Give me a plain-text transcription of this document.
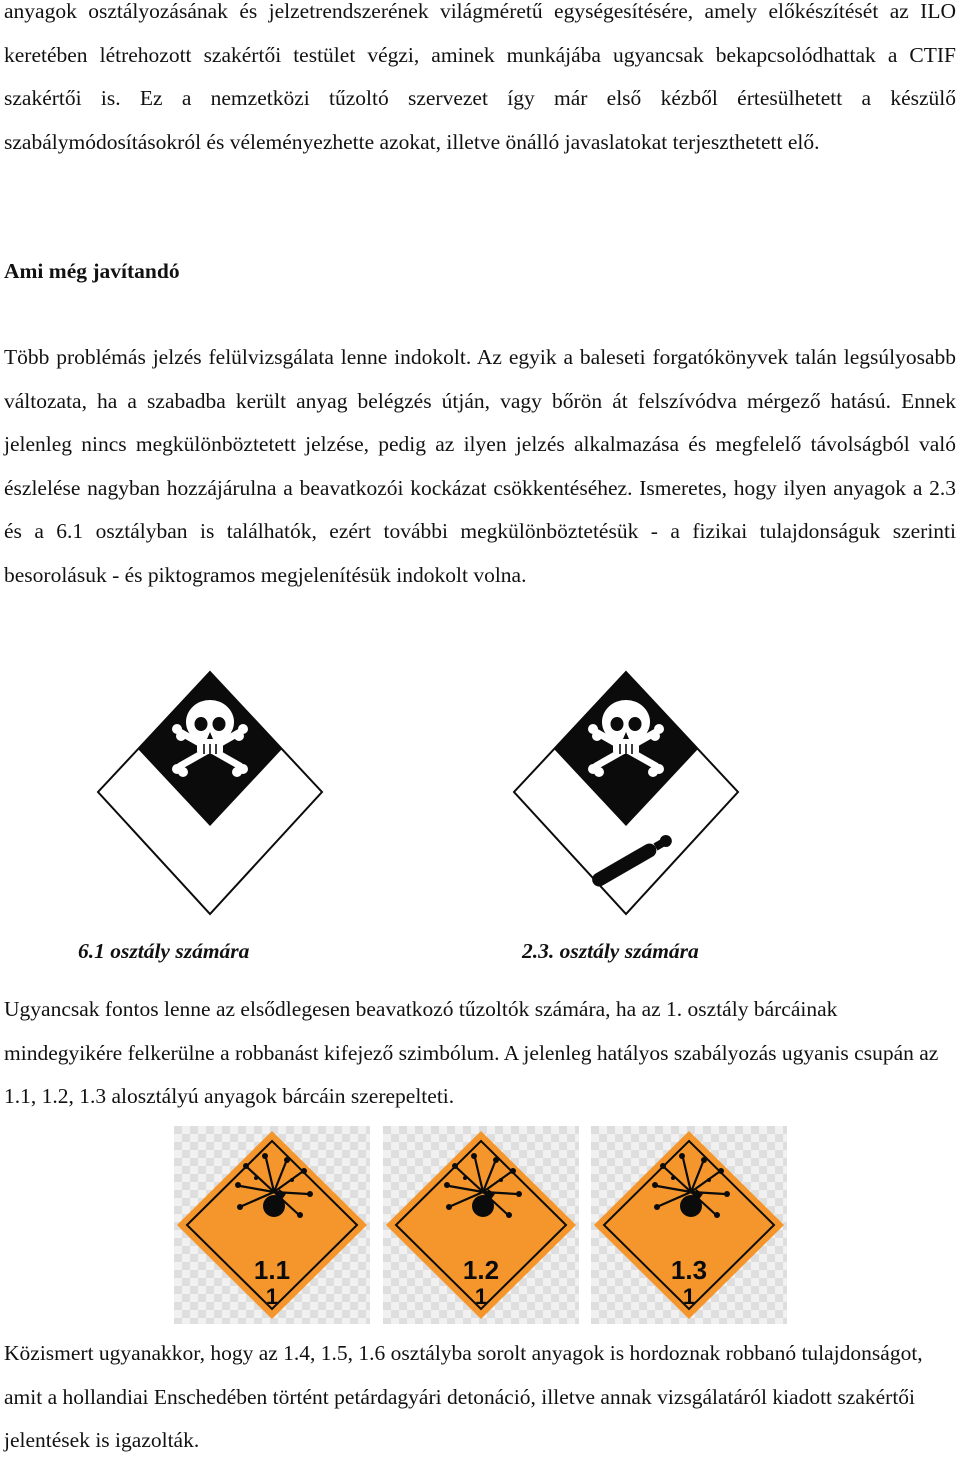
anyagok osztályozásának és jelzetrendszerének világméretű egységesítésére, amely előkészítését az ILO keretében létrehozott szakértői testület végzi, aminek munkájába ugyancsak bekapcsolódhattak a CTIF szakértői is. Ez a nemzetközi tűzoltó szervezet így már első kézből értesülhetett a készülő szabálymódosításokról és véleményezhette azokat, illetve önálló javaslatokat terjeszthetett elő.

Ami még javítandó

Több problémás jelzés felülvizsgálata lenne indokolt. Az egyik a baleseti forgatókönyvek talán legsúlyosabb változata, ha a szabadba került anyag belégzés útján, vagy bőrön át felszívódva mérgező hatású. Ennek jelenleg nincs megkülönböztetett jelzése, pedig az ilyen jelzés alkalmazása és megfelelő távolságból való észlelése nagyban hozzájárulna a beavatkozói kockázat csökkentéséhez. Ismeretes, hogy ilyen anyagok a 2.3 és a 6.1 osztályban is találhatók, ezért további megkülönböztetésük - a fizikai tulajdonságuk szerinti besorolásuk - és piktogramos megjelenítésük indokolt volna.

6.1 osztály számára	2.3. osztály számára

Ugyancsak fontos lenne az elsődlegesen beavatkozó tűzoltók számára, ha az 1. osztály bárcáinak mindegyikére felkerülne a robbanást kifejező szimbólum. A jelenleg hatályos szabályozás ugyanis csupán az 1.1, 1.2, 1.3 alosztályú anyagok bárcáin szerepelteti.

1.1
1
1.2
1
1.3
1

Közismert ugyanakkor, hogy az 1.4, 1.5, 1.6 osztályba sorolt anyagok is hordoznak robbanó tulajdonságot, amit a hollandiai Enschedében történt petárdagyári detonáció, illetve annak vizsgálatáról kiadott szakértői jelentések is igazolták.
